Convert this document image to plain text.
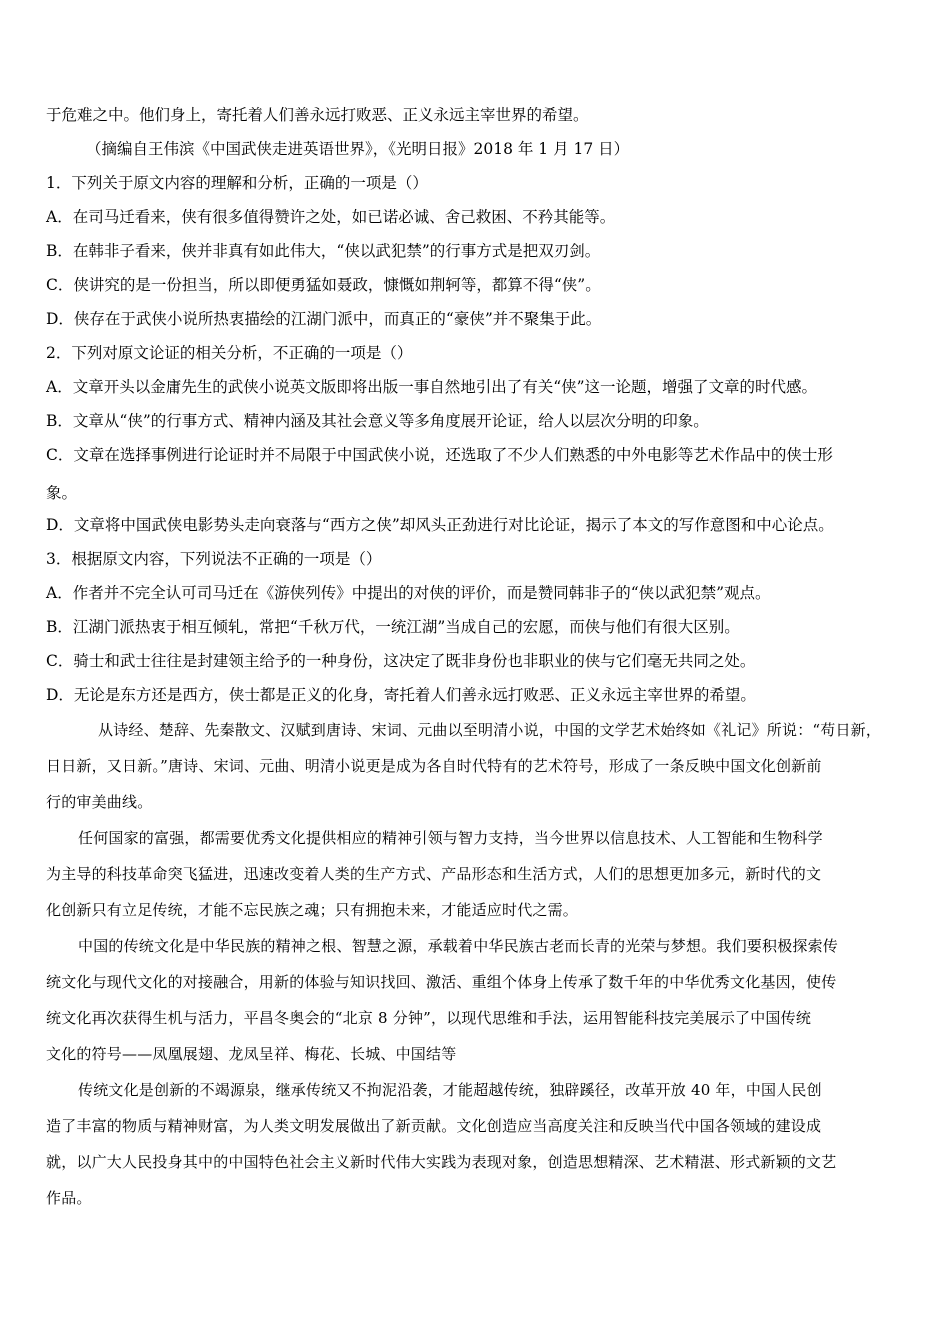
于危难之中。他们身上，寄托着人们善永远打败恶、正义永远主宰世界的希望。
（摘编自王伟滨《中国武侠走进英语世界》，《光明日报》2018 年 1 月 17 日）
1．下列关于原文内容的理解和分析，正确的一项是（）
A．在司马迁看来，侠有很多值得赞许之处，如已诺必诚、舍己救困、不矜其能等。
B．在韩非子看来，侠并非真有如此伟大，“侠以武犯禁”的行事方式是把双刃剑。
C．侠讲究的是一份担当，所以即便勇猛如聂政，慷慨如荆轲等，都算不得“侠”。
D．侠存在于武侠小说所热衷描绘的江湖门派中，而真正的“豪侠”并不聚集于此。
2．下列对原文论证的相关分析，不正确的一项是（）
A．文章开头以金庸先生的武侠小说英文版即将出版一事自然地引出了有关“侠”这一论题，增强了文章的时代感。
B．文章从“侠”的行事方式、精神内涵及其社会意义等多角度展开论证，给人以层次分明的印象。
C．文章在选择事例进行论证时并不局限于中国武侠小说，还选取了不少人们熟悉的中外电影等艺术作品中的侠士形
象。
D．文章将中国武侠电影势头走向衰落与“西方之侠”却风头正劲进行对比论证，揭示了本文的写作意图和中心论点。
3．根据原文内容，下列说法不正确的一项是（）
A．作者并不完全认可司马迁在《游侠列传》中提出的对侠的评价，而是赞同韩非子的“侠以武犯禁”观点。
B．江湖门派热衷于相互倾轧，常把“千秋万代，一统江湖”当成自己的宏愿，而侠与他们有很大区别。
C．骑士和武士往往是封建领主给予的一种身份，这决定了既非身份也非职业的侠与它们毫无共同之处。
D．无论是东方还是西方，侠士都是正义的化身，寄托着人们善永远打败恶、正义永远主宰世界的希望。
从诗经、楚辞、先秦散文、汉赋到唐诗、宋词、元曲以至明清小说，中国的文学艺术始终如《礼记》所说：“苟日新，
日日新，又日新。”唐诗、宋词、元曲、明清小说更是成为各自时代特有的艺术符号，形成了一条反映中国文化创新前
行的审美曲线。
任何国家的富强，都需要优秀文化提供相应的精神引领与智力支持，当今世界以信息技术、人工智能和生物科学
为主导的科技革命突飞猛进，迅速改变着人类的生产方式、产品形态和生活方式，人们的思想更加多元，新时代的文
化创新只有立足传统，才能不忘民族之魂；只有拥抱未来，才能适应时代之需。
中国的传统文化是中华民族的精神之根、智慧之源，承载着中华民族古老而长青的光荣与梦想。我们要积极探索传
统文化与现代文化的对接融合，用新的体验与知识找回、激活、重组个体身上传承了数千年的中华优秀文化基因，使传
统文化再次获得生机与活力，平昌冬奥会的“北京 8 分钟”，以现代思维和手法，运用智能科技完美展示了中国传统
文化的符号——凤凰展翅、龙凤呈祥、梅花、长城、中国结等
传统文化是创新的不竭源泉，继承传统又不拘泥沿袭，才能超越传统，独辟蹊径，改革开放 40 年，中国人民创
造了丰富的物质与精神财富，为人类文明发展做出了新贡献。文化创造应当高度关注和反映当代中国各领域的建设成
就，以广大人民投身其中的中国特色社会主义新时代伟大实践为表现对象，创造思想精深、艺术精湛、形式新颖的文艺
作品。
